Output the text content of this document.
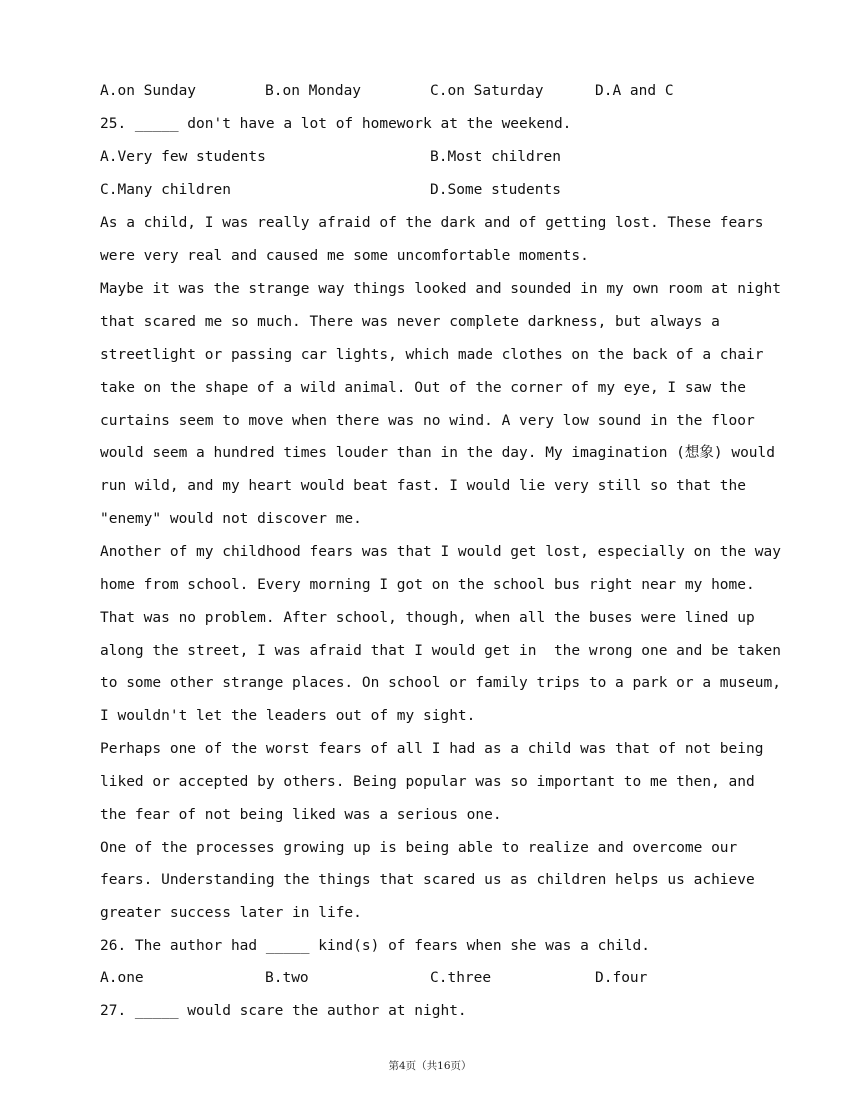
A.on Sunday	B.on Monday	C.on Saturday	D.A and C
25. _____ don't have a lot of homework at the weekend.
A.Very few students	B.Most children
C.Many children	D.Some students
As a child, I was really afraid of the dark and of getting lost. These fears
were very real and caused me some uncomfortable moments.
Maybe it was the strange way things looked and sounded in my own room at night
that scared me so much. There was never complete darkness, but always a
streetlight or passing car lights, which made clothes on the back of a chair
take on the shape of a wild animal. Out of the corner of my eye, I saw the
curtains seem to move when there was no wind. A very low sound in the floor
would seem a hundred times louder than in the day. My imagination (想象) would
run wild, and my heart would beat fast. I would lie very still so that the
"enemy" would not discover me.
Another of my childhood fears was that I would get lost, especially on the way
home from school. Every morning I got on the school bus right near my home.
That was no problem. After school, though, when all the buses were lined up
along the street, I was afraid that I would get in  the wrong one and be taken
to some other strange places. On school or family trips to a park or a museum,
I wouldn't let the leaders out of my sight.
Perhaps one of the worst fears of all I had as a child was that of not being
liked or accepted by others. Being popular was so important to me then, and
the fear of not being liked was a serious one.
One of the processes growing up is being able to realize and overcome our
fears. Understanding the things that scared us as children helps us achieve
greater success later in life.
26. The author had _____ kind(s) of fears when she was a child.
A.one	B.two	C.three	D.four
27. _____ would scare the author at night.
第4页（共16页）
